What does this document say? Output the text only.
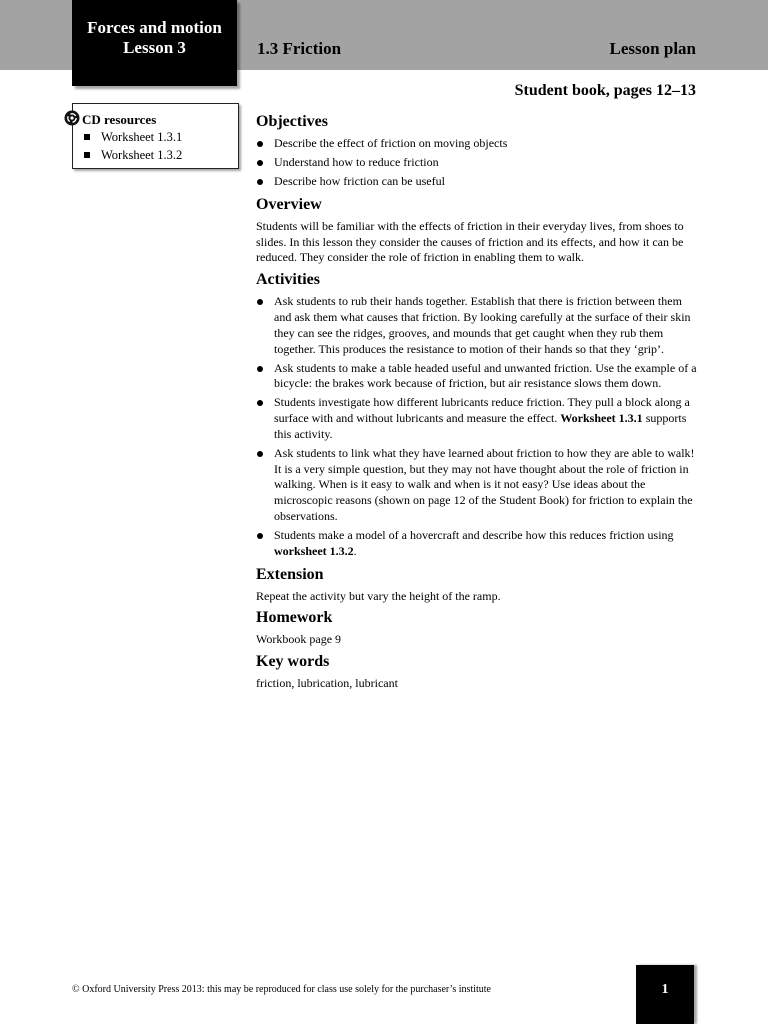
Forces and motion
Lesson 3	1.3 Friction	Lesson plan
Student book, pages 12–13
CD resources
Worksheet 1.3.1
Worksheet 1.3.2
Objectives
Describe the effect of friction on moving objects
Understand how to reduce friction
Describe how friction can be useful
Overview

Students will be familiar with the effects of friction in their everyday lives, from shoes to slides. In this lesson they consider the causes of friction and its effects, and how it can be reduced. They consider the role of friction in enabling them to walk.

Activities
Ask students to rub their hands together. Establish that there is friction between them and ask them what causes that friction. By looking carefully at the surface of their skin they can see the ridges, grooves, and mounds that get caught when they rub them together. This produces the resistance to motion of their hands so that they ‘grip’.
Ask students to make a table headed useful and unwanted friction. Use the example of a bicycle: the brakes work because of friction, but air resistance slows them down.
Students investigate how different lubricants reduce friction. They pull a block along a surface with and without lubricants and measure the effect. Worksheet 1.3.1 supports this activity.
Ask students to link what they have learned about friction to how they are able to walk! It is a very simple question, but they may not have thought about the role of friction in walking. When is it easy to walk and when is it not easy? Use ideas about the microscopic reasons (shown on page 12 of the Student Book) for friction to explain the observations.
Students make a model of a hovercraft and describe how this reduces friction using worksheet 1.3.2.
Extension

Repeat the activity but vary the height of the ramp.

Homework

Workbook page 9

Key words

friction, lubrication, lubricant

© Oxford University Press 2013: this may be reproduced for class use solely for the purchaser’s institute	1
